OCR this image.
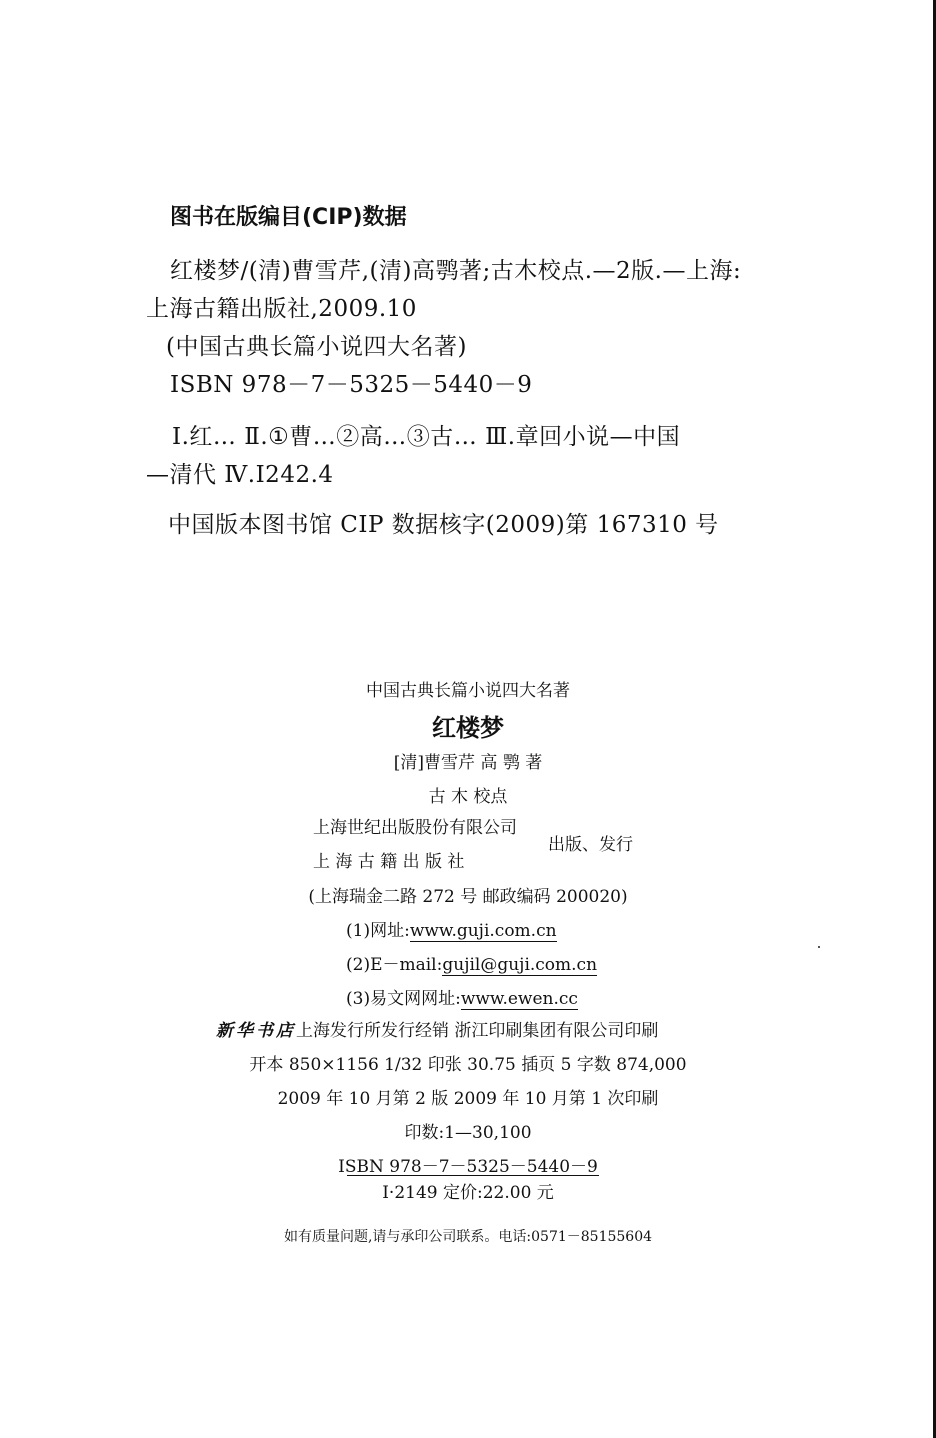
图书在版编目(CIP)数据
红楼梦/(清)曹雪芹,(清)高鹗著;古木校点.—2版.—上海:
上海古籍出版社,2009.10
(中国古典长篇小说四大名著)
ISBN 978－7－5325－5440－9
Ⅰ.红… Ⅱ.①曹…②高…③古… Ⅲ.章回小说—中国
—清代 Ⅳ.I242.4
中国版本图书馆 CIP 数据核字(2009)第 167310 号
中国古典长篇小说四大名著
红楼梦
[清]曹雪芹 高 鹗 著
古 木 校点
上海世纪出版股份有限公司
上 海 古 籍 出 版 社
出版、发行
(上海瑞金二路 272 号 邮政编码 200020)
(1)网址:www.guji.com.cn
(2)E－mail:gujil@guji.com.cn
(3)易文网网址:www.ewen.cc
新华书店上海发行所发行经销 浙江印刷集团有限公司印刷
开本 850×1156 1/32 印张 30.75 插页 5 字数 874,000
2009 年 10 月第 2 版 2009 年 10 月第 1 次印刷
印数:1—30,100
ISBN 978－7－5325－5440－9
Ⅰ·2149 定价:22.00 元
如有质量问题,请与承印公司联系。电话:0571－85155604
